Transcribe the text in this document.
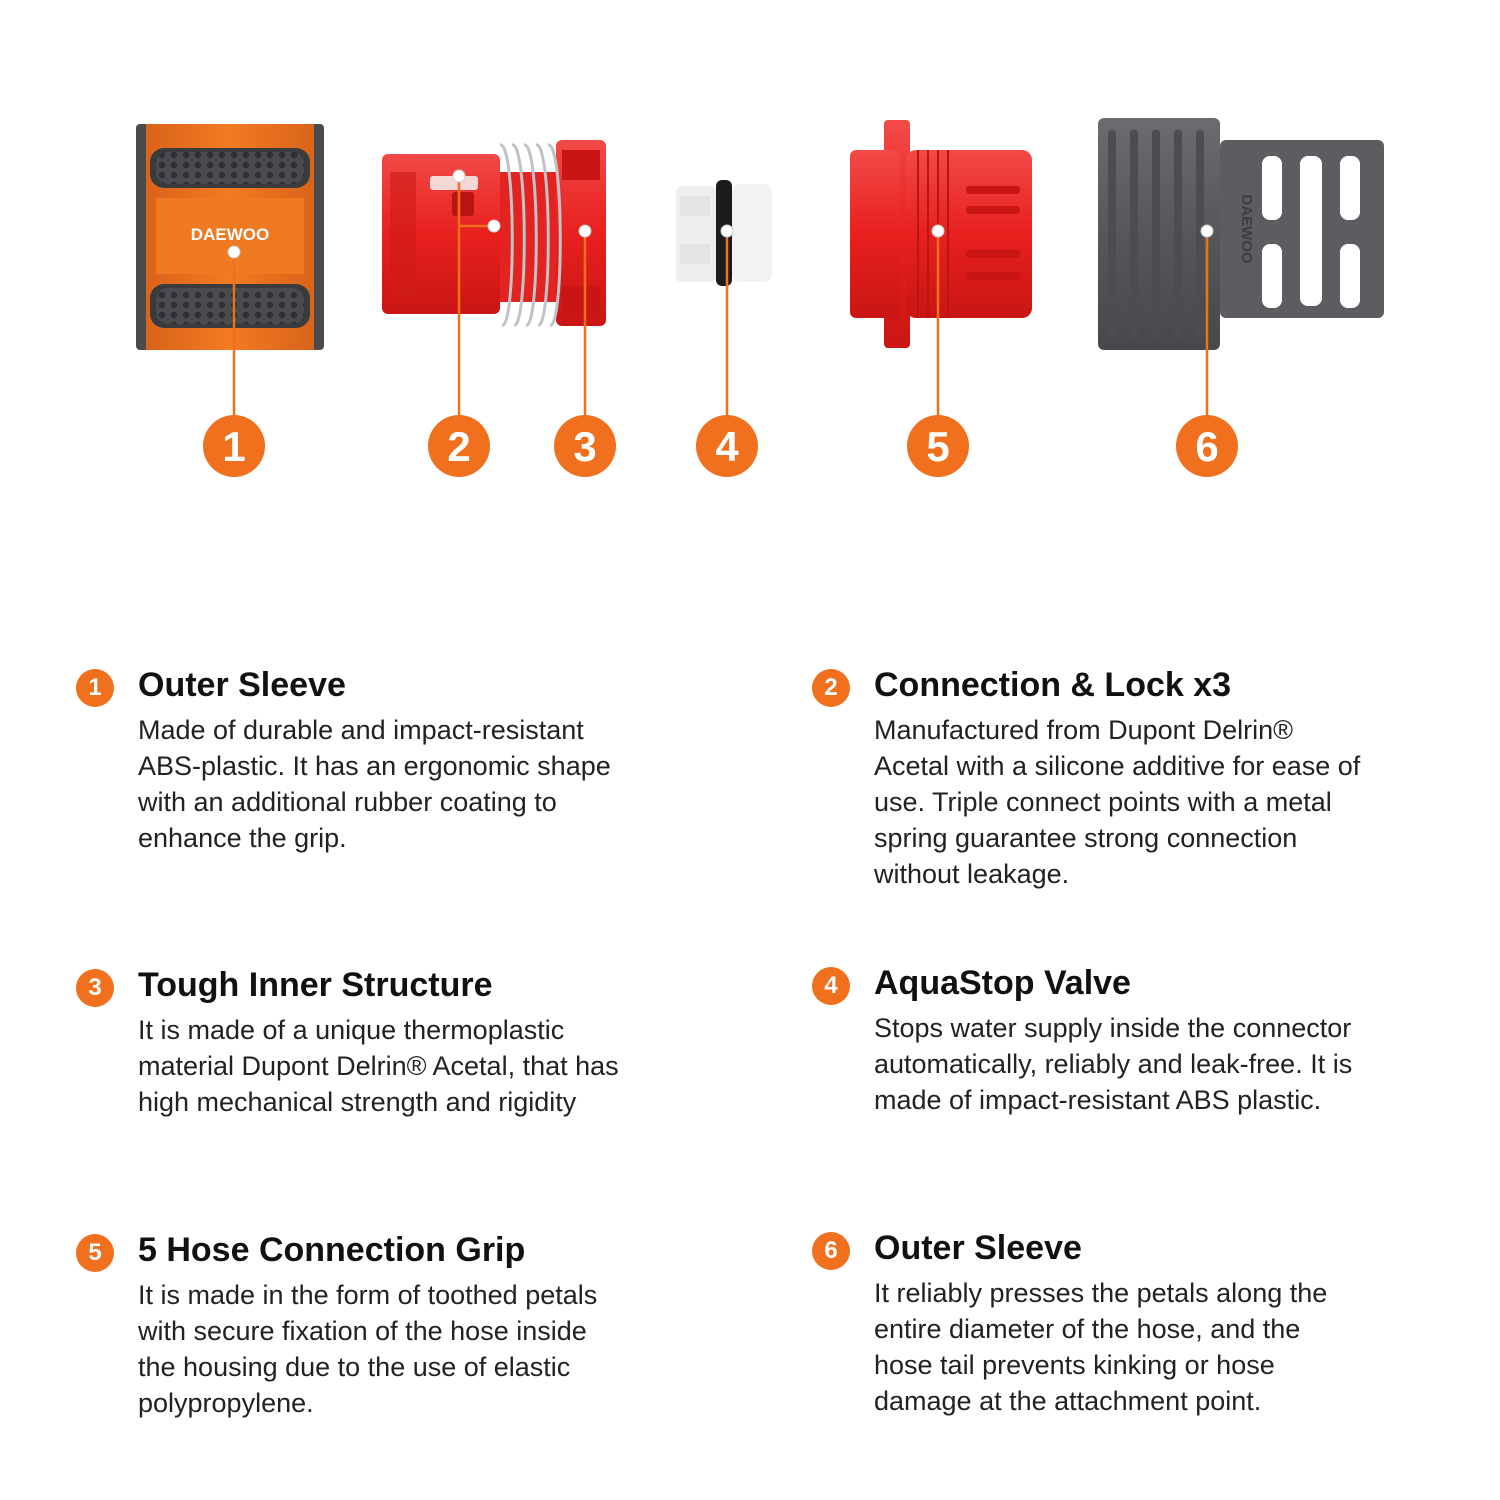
DAEWOO	DAEWOO
1	2 3	4	5	6
1	Outer Sleeve

Made of durable and impact-resistant
ABS-plastic. It has an ergonomic shape
with an additional rubber coating to
enhance the grip.

2	Connection & Lock x3

Manufactured from Dupont Delrin®
Acetal with a silicone additive for ease of
use. Triple connect points with a metal
spring guarantee strong connection
without leakage.

3	Tough Inner Structure

It is made of a unique thermoplastic
material Dupont Delrin® Acetal, that has
high mechanical strength and rigidity

4	AquaStop Valve

Stops water supply inside the connector
automatically, reliably and leak-free. It is
made of impact-resistant ABS plastic.

5	5 Hose Connection Grip

It is made in the form of toothed petals
with secure fixation of the hose inside
the housing due to the use of elastic
polypropylene.

6	Outer Sleeve

It reliably presses the petals along the
entire diameter of the hose, and the
hose tail prevents kinking or hose
damage at the attachment point.
